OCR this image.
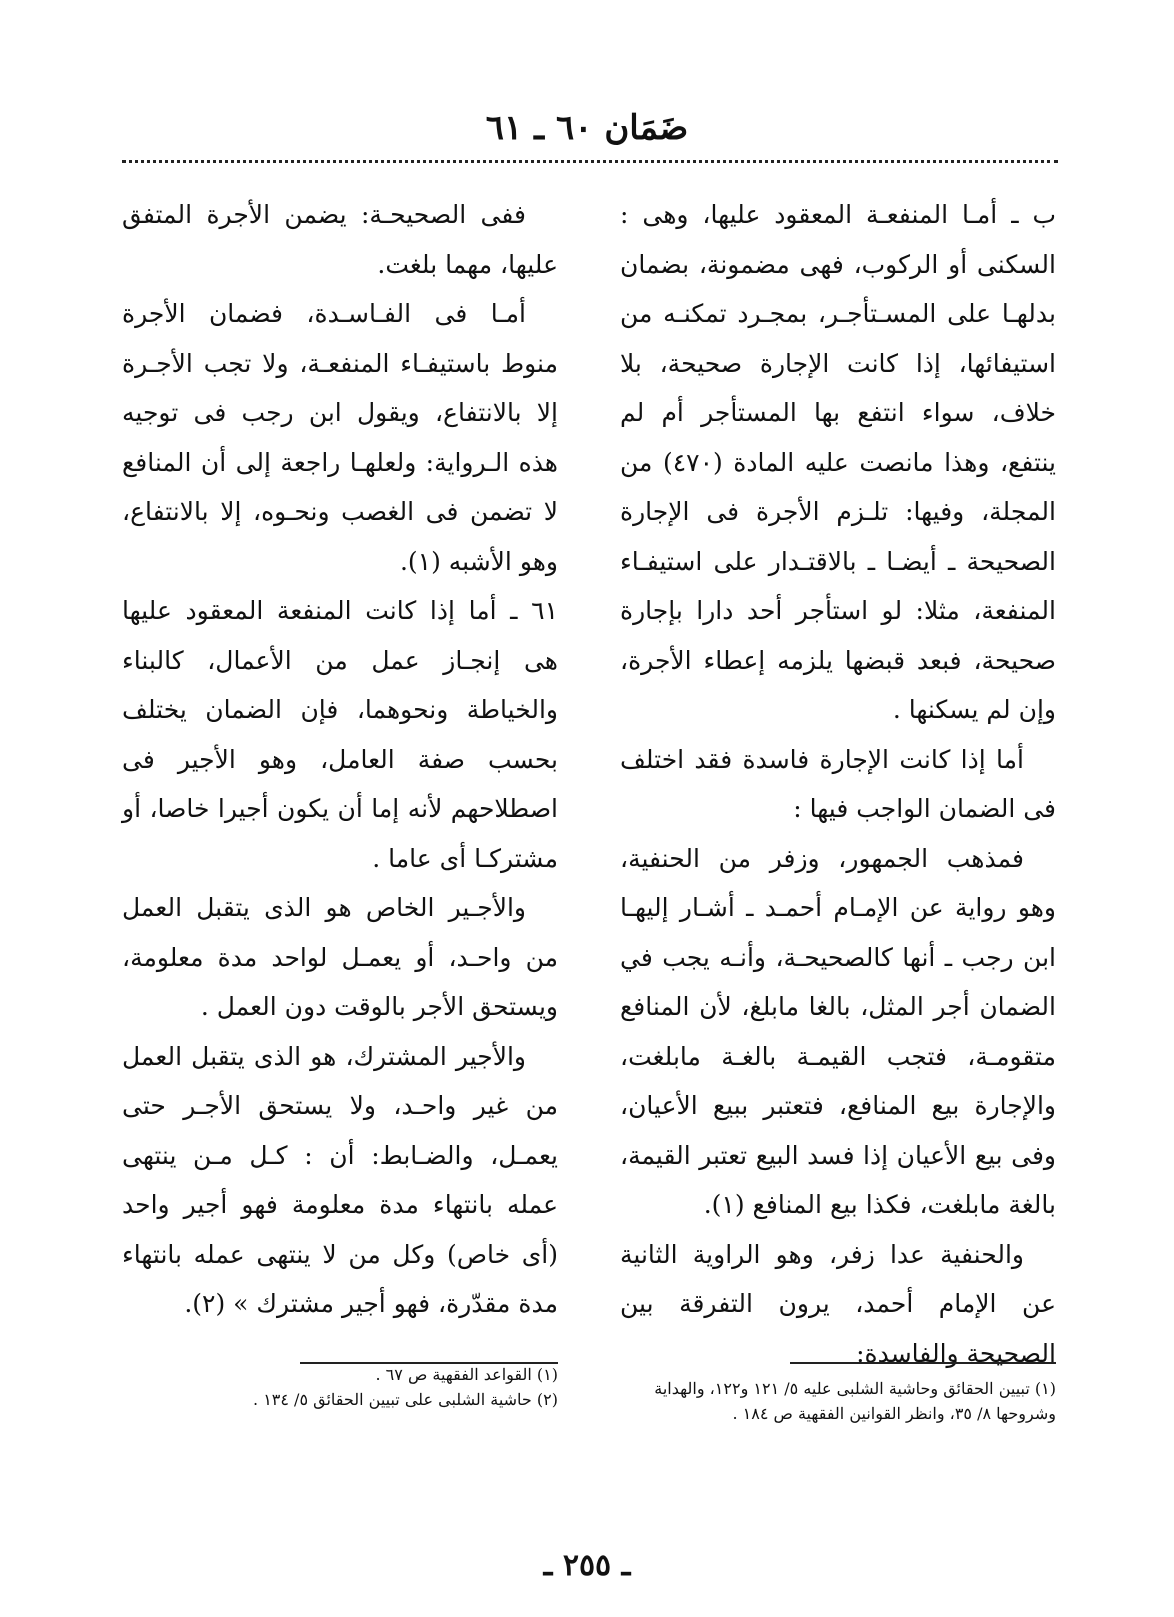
ضَمَان ٦٠ ـ ٦١

ب ـ أمـا المنفعـة المعقود عليها، وهى : السكنى أو الركوب، فهى مضمونة، بضمان بدلهـا على المسـتأجـر، بمجـرد تمكنـه من استيفائها، إذا كانت الإجارة صحيحة، بلا خلاف، سواء انتفع بها المستأجر أم لم ينتفع، وهذا مانصت عليه المادة (٤٧٠) من المجلة، وفيها: تلـزم الأجرة فى الإجارة الصحيحة ـ أيضـا ـ بالاقتـدار على استيفـاء المنفعة، مثلا: لو استأجر أحد دارا بإجارة صحيحة، فبعد قبضها يلزمه إعطاء الأجرة، وإن لم يسكنها .

أما إذا كانت الإجارة فاسدة فقد اختلف فى الضمان الواجب فيها :

فمذهب الجمهور، وزفر من الحنفية، وهو رواية عن الإمـام أحمـد ـ أشـار إليهـا ابن رجب ـ أنها كالصحيحـة، وأنـه يجب في الضمان أجر المثل، بالغا مابلغ، لأن المنافع متقومـة، فتجب القيمـة بالغـة مابلغت، والإجارة بيع المنافع، فتعتبر ببيع الأعيان، وفى بيع الأعيان إذا فسد البيع تعتبر القيمة، بالغة مابلغت، فكذا بيع المنافع (١).

والحنفية عدا زفر، وهو الراوية الثانية عن الإمام أحمد، يرون التفرقة بين الصحيحة والفاسدة:

ففى الصحيحـة: يضمن الأجرة المتفق عليها، مهما بلغت.

أمـا فى الفـاسـدة، فضمان الأجرة منوط باستيفـاء المنفعـة، ولا تجب الأجـرة إلا بالانتفاع، ويقول ابن رجب فى توجيه هذه الـرواية: ولعلهـا راجعة إلى أن المنافع لا تضمن فى الغصب ونحـوه، إلا بالانتفاع، وهو الأشبه (١).

٦١ ـ أما إذا كانت المنفعة المعقود عليها هى إنجـاز عمل من الأعمال، كالبناء والخياطة ونحوهما، فإن الضمان يختلف بحسب صفة العامل، وهو الأجير فى اصطلاحهم لأنه إما أن يكون أجيرا خاصا، أو مشتركـا أى عاما .

والأجـير الخاص هو الذى يتقبل العمل من واحـد، أو يعمـل لواحد مدة معلومة، ويستحق الأجر بالوقت دون العمل .

والأجير المشترك، هو الذى يتقبل العمل من غير واحـد، ولا يستحق الأجـر حتى يعمـل، والضـابط: أن : كـل مـن ينتهى عمله بانتهاء مدة معلومة فهو أجير واحد (أى خاص) وكل من لا ينتهى عمله بانتهاء مدة مقدّرة، فهو أجير مشترك » (٢).

(١) تبيين الحقائق وحاشية الشلبى عليه ٥/ ١٢١ و١٢٢، والهداية وشروحها ٨/ ٣٥، وانظر القوانين الفقهية ص ١٨٤ .

(١) القواعد الفقهية ص ٦٧ .

(٢) حاشية الشلبى على تبيين الحقائق ٥/ ١٣٤ .

ـ ٢٥٥ ـ
